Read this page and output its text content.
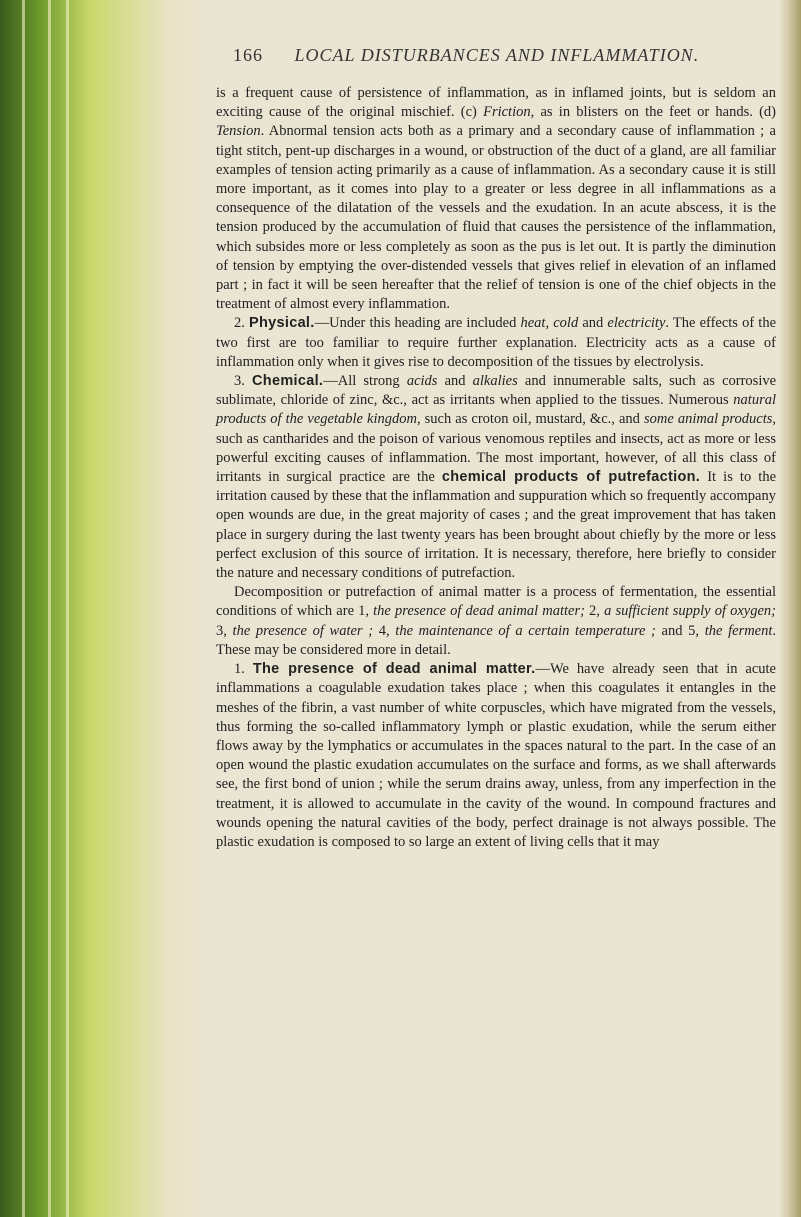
166 LOCAL DISTURBANCES AND INFLAMMATION.

is a frequent cause of persistence of inflammation, as in inflamed joints, but is seldom an exciting cause of the original mischief. (c) Friction, as in blisters on the feet or hands. (d) Tension. Abnormal tension acts both as a primary and a secondary cause of inflammation ; a tight stitch, pent-up discharges in a wound, or obstruction of the duct of a gland, are all familiar examples of tension acting primarily as a cause of inflammation. As a secondary cause it is still more important, as it comes into play to a greater or less degree in all inflammations as a consequence of the dilatation of the vessels and the exudation. In an acute abscess, it is the tension produced by the accumulation of fluid that causes the persistence of the inflammation, which subsides more or less completely as soon as the pus is let out. It is partly the diminution of tension by emptying the over-distended vessels that gives relief in elevation of an inflamed part ; in fact it will be seen hereafter that the relief of tension is one of the chief objects in the treatment of almost every inflammation.

2. Physical.—Under this heading are included heat, cold and electricity. The effects of the two first are too familiar to require further explanation. Electricity acts as a cause of inflammation only when it gives rise to decomposition of the tissues by electrolysis.

3. Chemical.—All strong acids and alkalies and innumerable salts, such as corrosive sublimate, chloride of zinc, &c., act as irritants when applied to the tissues. Numerous natural products of the vegetable kingdom, such as croton oil, mustard, &c., and some animal products, such as cantharides and the poison of various venomous reptiles and insects, act as more or less powerful exciting causes of inflammation. The most important, however, of all this class of irritants in surgical practice are the chemical products of putrefaction. It is to the irritation caused by these that the inflammation and suppuration which so frequently accompany open wounds are due, in the great majority of cases ; and the great improvement that has taken place in surgery during the last twenty years has been brought about chiefly by the more or less perfect exclusion of this source of irritation. It is necessary, therefore, here briefly to consider the nature and necessary conditions of putrefaction.

Decomposition or putrefaction of animal matter is a process of fermentation, the essential conditions of which are 1, the presence of dead animal matter; 2, a sufficient supply of oxygen; 3, the presence of water ; 4, the maintenance of a certain temperature ; and 5, the ferment. These may be considered more in detail.

1. The presence of dead animal matter.—We have already seen that in acute inflammations a coagulable exudation takes place ; when this coagulates it entangles in the meshes of the fibrin, a vast number of white corpuscles, which have migrated from the vessels, thus forming the so-called inflammatory lymph or plastic exudation, while the serum either flows away by the lymphatics or accumulates in the spaces natural to the part. In the case of an open wound the plastic exudation accumulates on the surface and forms, as we shall afterwards see, the first bond of union ; while the serum drains away, unless, from any imperfection in the treatment, it is allowed to accumulate in the cavity of the wound. In compound fractures and wounds opening the natural cavities of the body, perfect drainage is not always possible. The plastic exudation is composed to so large an extent of living cells that it may
